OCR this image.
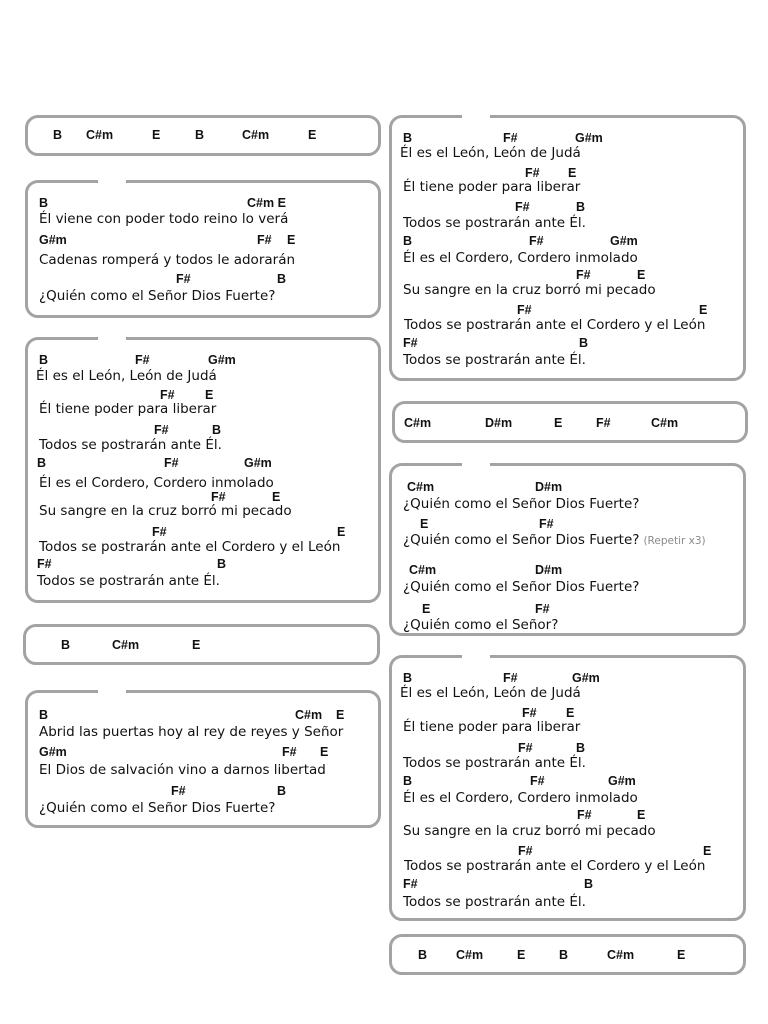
B C#m	E	B	C#m	E
B	C#m E
Él viene con poder todo reino lo verá
G#m	F# E
Cadenas romperá y todos le adorarán
F#	B
¿Quién como el Señor Dios Fuerte?
B	F#	G#m
Él es el León, León de Judá
F# E
Él tiene poder para liberar
F#	B
Todos se postrarán ante Él.
B	F#	G#m
Él es el Cordero, Cordero inmolado
F#	E
Su sangre en la cruz borró mi pecado
F#	E
Todos se postrarán ante el Cordero y el León
F#	B
Todos se postrarán ante Él.
B	C#m	E
B	C#m E
Abrid las puertas hoy al rey de reyes y Señor
G#m	F# E
El Dios de salvación vino a darnos libertad
F#	B
¿Quién como el Señor Dios Fuerte?
B	F#	G#m
Él es el León, León de Judá
F# E
Él tiene poder para liberar
F#	B
Todos se postrarán ante Él.
B	F#	G#m
Él es el Cordero, Cordero inmolado
F#	E
Su sangre en la cruz borró mi pecado
F#	E
Todos se postrarán ante el Cordero y el León
F#	B
Todos se postrarán ante Él.
C#m	D#m	E	F#	C#m
C#m	D#m
¿Quién como el Señor Dios Fuerte?
E	F#
¿Quién como el Señor Dios Fuerte? (Repetir x3)
C#m	D#m
¿Quién como el Señor Dios Fuerte?
E	F#
¿Quién como el Señor?
B	F#	G#m
Él es el León, León de Judá
F# E
Él tiene poder para liberar
F#	B
Todos se postrarán ante Él.
B	F#	G#m
Él es el Cordero, Cordero inmolado
F#	E
Su sangre en la cruz borró mi pecado
F#	E
Todos se postrarán ante el Cordero y el León
F#	B
Todos se postrarán ante Él.
B C#m	E	B	C#m	E
